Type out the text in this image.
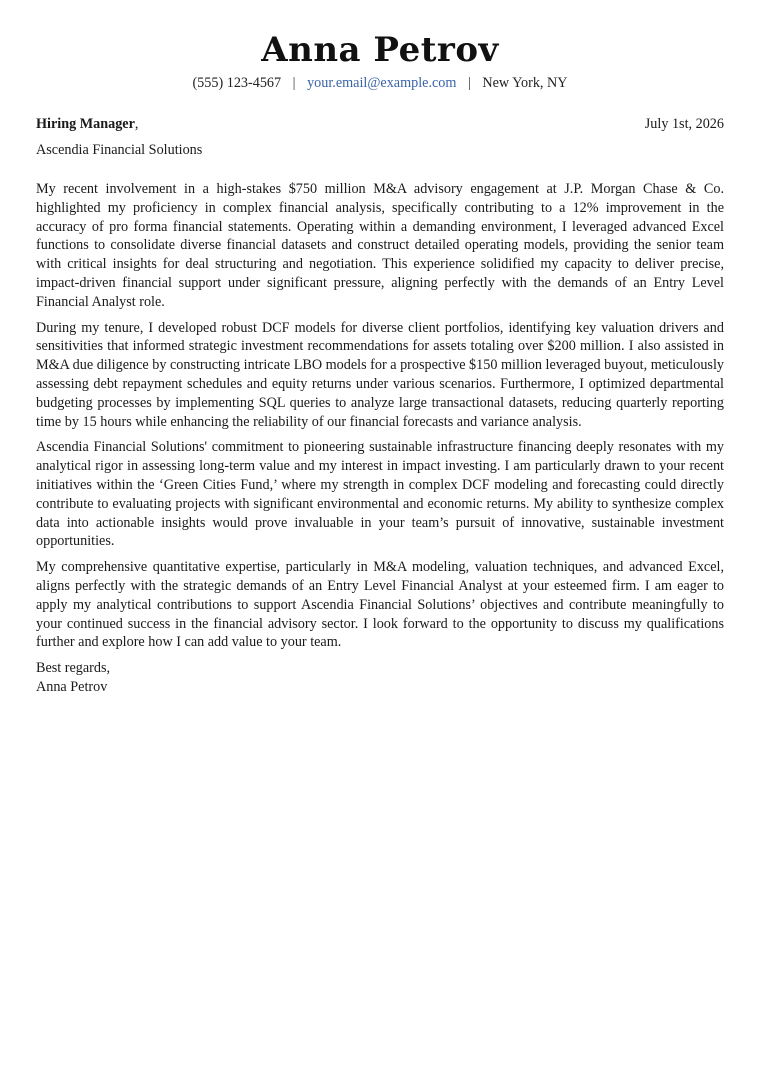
Anna Petrov
(555) 123-4567 | your.email@example.com | New York, NY
Hiring Manager,	July 1st, 2026
Ascendia Financial Solutions

My recent involvement in a high-stakes $750 million M&A advisory engagement at J.P. Morgan Chase & Co. highlighted my proficiency in complex financial analysis, specifically contributing to a 12% improvement in the accuracy of pro forma financial statements. Operating within a demanding environment, I leveraged advanced Excel functions to consolidate diverse financial datasets and construct detailed operating models, providing the senior team with critical insights for deal structuring and negotiation. This experience solidified my capacity to deliver precise, impact-driven financial support under significant pressure, aligning perfectly with the demands of an Entry Level Financial Analyst role.

During my tenure, I developed robust DCF models for diverse client portfolios, identifying key valuation drivers and sensitivities that informed strategic investment recommendations for assets totaling over $200 million. I also assisted in M&A due diligence by constructing intricate LBO models for a prospective $150 million leveraged buyout, meticulously assessing debt repayment schedules and equity returns under various scenarios. Furthermore, I optimized departmental budgeting processes by implementing SQL queries to analyze large transactional datasets, reducing quarterly reporting time by 15 hours while enhancing the reliability of our financial forecasts and variance analysis.

Ascendia Financial Solutions' commitment to pioneering sustainable infrastructure financing deeply resonates with my analytical rigor in assessing long-term value and my interest in impact investing. I am particularly drawn to your recent initiatives within the ‘Green Cities Fund,’ where my strength in complex DCF modeling and forecasting could directly contribute to evaluating projects with significant environmental and economic returns. My ability to synthesize complex data into actionable insights would prove invaluable in your team’s pursuit of innovative, sustainable investment opportunities.

My comprehensive quantitative expertise, particularly in M&A modeling, valuation techniques, and advanced Excel, aligns perfectly with the strategic demands of an Entry Level Financial Analyst at your esteemed firm. I am eager to apply my analytical contributions to support Ascendia Financial Solutions’ objectives and contribute meaningfully to your continued success in the financial advisory sector. I look forward to the opportunity to discuss my qualifications further and explore how I can add value to your team.

Best regards,
Anna Petrov
